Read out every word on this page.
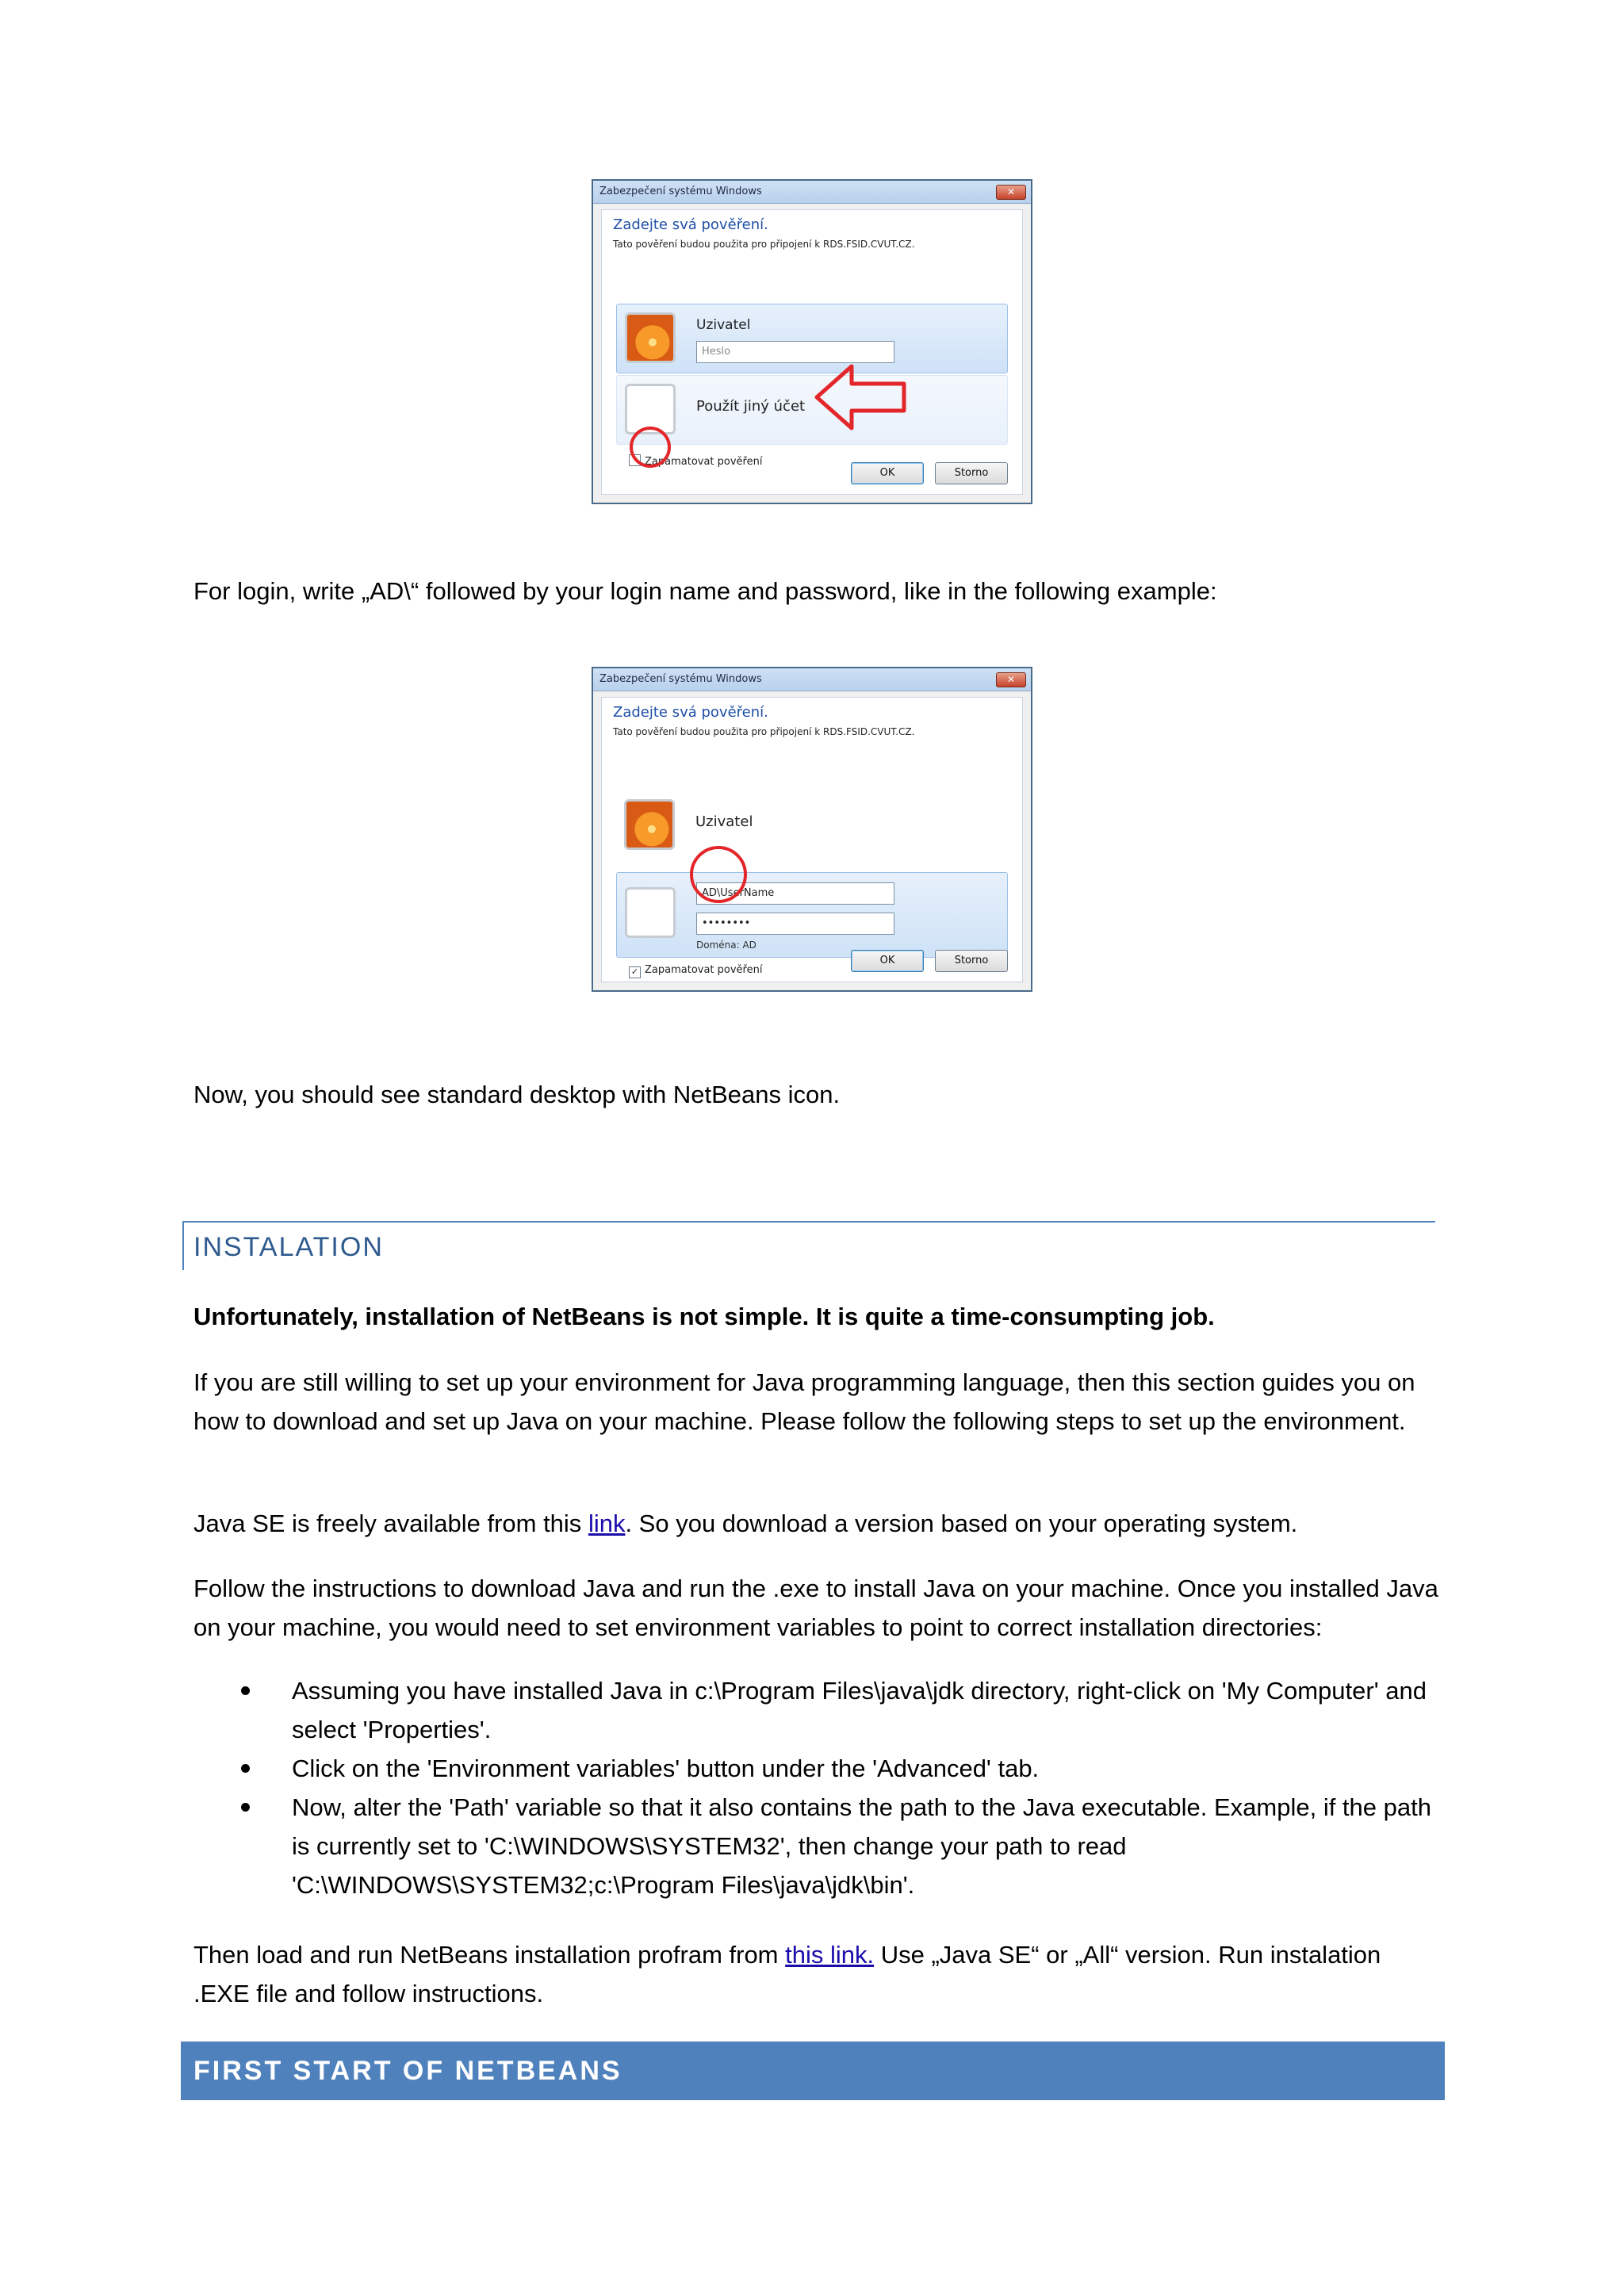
Zabezpečení systému Windows	✕
Zadejte svá pověření.
Tato pověření budou použita pro připojení k RDS.FSID.CVUT.CZ.
Uzivatel
Heslo
Použít jiný účet
Zapamatovat pověření
OK	Storno

For login, write „AD\“ followed by your login name and password, like in the following example:

Zabezpečení systému Windows	✕
Zadejte svá pověření.
Tato pověření budou použita pro připojení k RDS.FSID.CVUT.CZ.
Uzivatel
AD\UserName
••••••••
Doména: AD
✓ Zapamatovat pověření
OK	Storno

Now, you should see standard desktop with NetBeans icon.

INSTALATION

Unfortunately, installation of NetBeans is not simple. It is quite a time-consumpting job.

If you are still willing to set up your environment for Java programming language, then this section guides you on how to download and set up Java on your machine. Please follow the following steps to set up the environment.

Java SE is freely available from this link. So you download a version based on your operating system.

Follow the instructions to download Java and run the .exe to install Java on your machine. Once you installed Java on your machine, you would need to set environment variables to point to correct installation directories:

Assuming you have installed Java in c:\Program Files\java\jdk directory, right-click on 'My Computer' and select 'Properties'.
Click on the 'Environment variables' button under the 'Advanced' tab.
Now, alter the 'Path' variable so that it also contains the path to the Java executable. Example, if the path is currently set to 'C:\WINDOWS\SYSTEM32', then change your path to read 'C:\WINDOWS\SYSTEM32;c:\Program Files\java\jdk\bin'.

Then load and run NetBeans installation profram from this link. Use „Java SE“ or „All“ version. Run instalation .EXE file and follow instructions.

FIRST START OF NETBEANS
